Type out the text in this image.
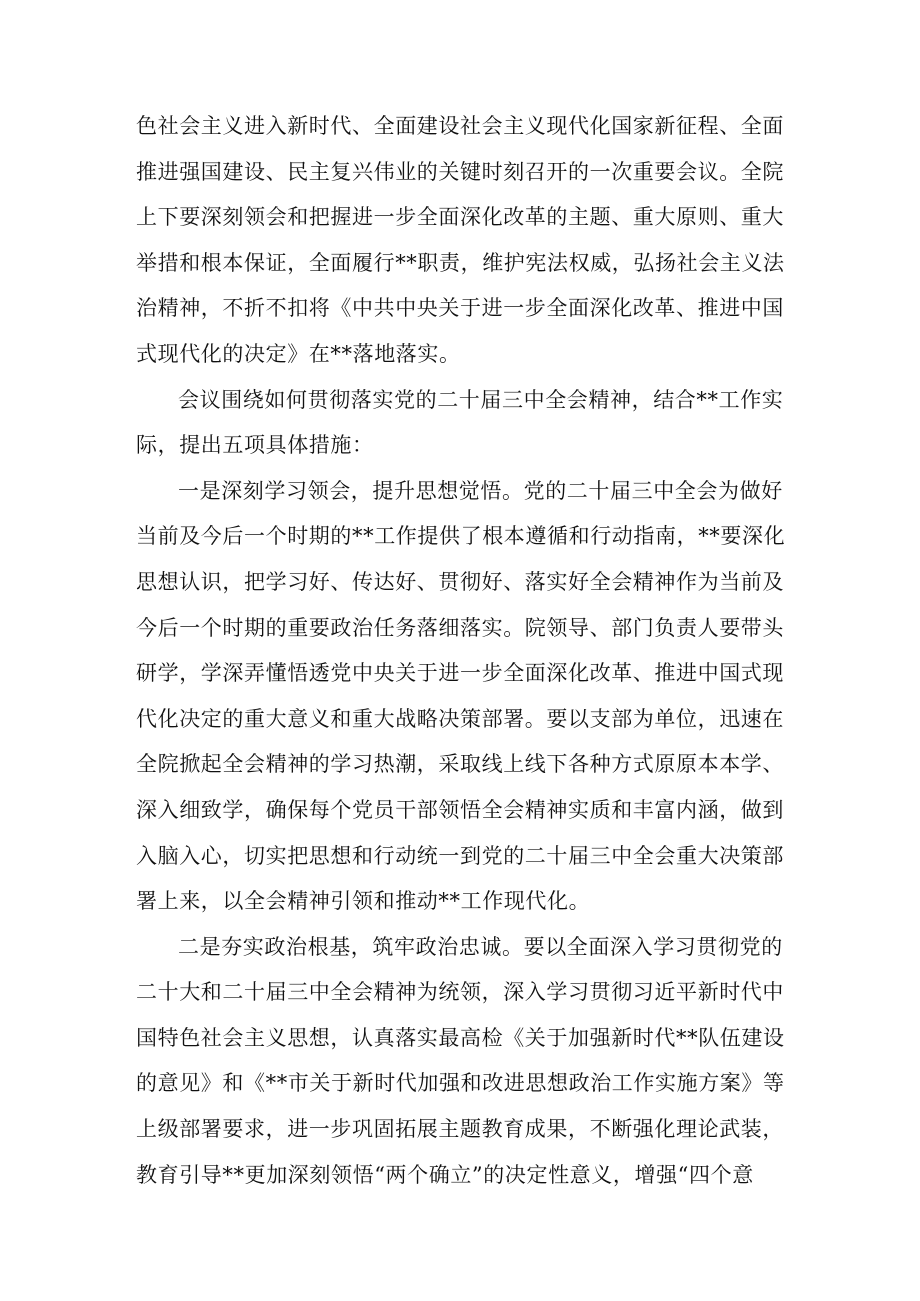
色社会主义进入新时代、全面建设社会主义现代化国家新征程、全面
推进强国建设、民主复兴伟业的关键时刻召开的一次重要会议。全院
上下要深刻领会和把握进一步全面深化改革的主题、重大原则、重大
举措和根本保证，全面履行**职责，维护宪法权威，弘扬社会主义法
治精神，不折不扣将《中共中央关于进一步全面深化改革、推进中国
式现代化的决定》在**落地落实。
会议围绕如何贯彻落实党的二十届三中全会精神，结合**工作实
际，提出五项具体措施：
一是深刻学习领会，提升思想觉悟。党的二十届三中全会为做好
当前及今后一个时期的**工作提供了根本遵循和行动指南，**要深化
思想认识，把学习好、传达好、贯彻好、落实好全会精神作为当前及
今后一个时期的重要政治任务落细落实。院领导、部门负责人要带头
研学，学深弄懂悟透党中央关于进一步全面深化改革、推进中国式现
代化决定的重大意义和重大战略决策部署。要以支部为单位，迅速在
全院掀起全会精神的学习热潮，采取线上线下各种方式原原本本学、
深入细致学，确保每个党员干部领悟全会精神实质和丰富内涵，做到
入脑入心，切实把思想和行动统一到党的二十届三中全会重大决策部
署上来，以全会精神引领和推动**工作现代化。
二是夯实政治根基，筑牢政治忠诚。要以全面深入学习贯彻党的
二十大和二十届三中全会精神为统领，深入学习贯彻习近平新时代中
国特色社会主义思想，认真落实最高检《关于加强新时代**队伍建设
的意见》和《**市关于新时代加强和改进思想政治工作实施方案》等
上级部署要求，进一步巩固拓展主题教育成果，不断强化理论武装，
教育引导**更加深刻领悟“两个确立”的决定性意义，增强“四个意
